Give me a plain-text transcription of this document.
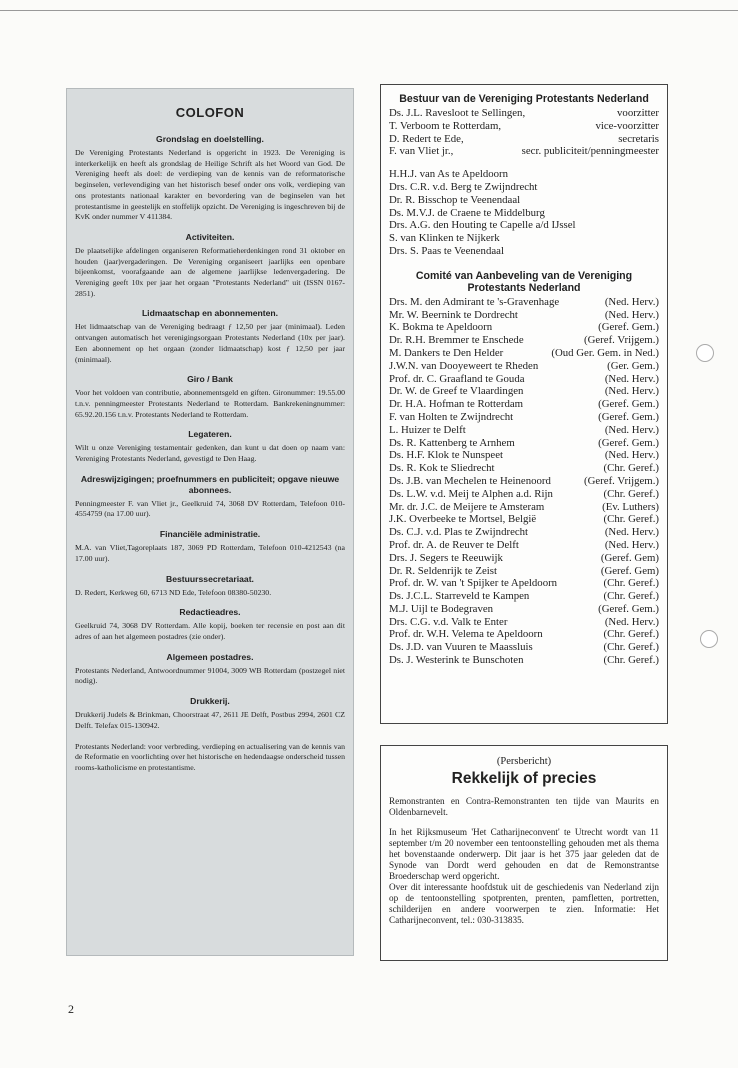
COLOFON
Grondslag en doelstelling.

De Vereniging Protestants Nederland is opgericht in 1923. De Vereniging is interkerkelijk en heeft als grondslag de Heilige Schrift als het Woord van God. De Vereniging heeft als doel: de verdieping van de kennis van de reformatorische beginselen, verlevendiging van het historisch besef onder ons volk, verdieping van ons protestants nationaal karakter en bevordering van de beginselen van het protestantisme in geestelijk en stoffelijk opzicht. De Vereniging is ingeschreven bij de KvK onder nummer V 411384.

Activiteiten.

De plaatselijke afdelingen organiseren Reformatieherdenkingen rond 31 oktober en houden (jaar)vergaderingen. De Vereniging organiseert jaarlijks een openbare bijeenkomst, voorafgaande aan de algemene jaarlijkse ledenvergadering. De Vereniging geeft 10x per jaar het orgaan "Protestants Nederland" uit (ISSN 0167-2851).

Lidmaatschap en abonnementen.

Het lidmaatschap van de Vereniging bedraagt ƒ 12,50 per jaar (minimaal). Leden ontvangen automatisch het verenigingsorgaan Protestants Nederland (10x per jaar). Een abonnement op het orgaan (zonder lidmaatschap) kost ƒ 12,50 per jaar (minimaal).

Giro / Bank

Voor het voldoen van contributie, abonnementsgeld en giften. Gironummer: 19.55.00 t.n.v. penningmeester Protestants Nederland te Rotterdam. Bankrekeningnummer: 65.92.20.156 t.n.v. Protestants Nederland te Rotterdam.

Legateren.

Wilt u onze Vereniging testamentair gedenken, dan kunt u dat doen op naam van: Vereniging Protestants Nederland, gevestigd te Den Haag.

Adreswijzigingen; proefnummers en publiciteit; opgave nieuwe abonnees.

Penningmeester F. van Vliet jr., Geelkruid 74, 3068 DV Rotterdam, Telefoon 010-4554759 (na 17.00 uur).

Financiële administratie.

M.A. van Vliet,Tagoreplaats 187, 3069 PD Rotterdam, Telefoon 010-4212543 (na 17.00 uur).

Bestuurssecretariaat.

D. Redert, Kerkweg 60, 6713 ND Ede, Telefoon 08380-50230.

Redactieadres.

Geelkruid 74, 3068 DV Rotterdam. Alle kopij, boeken ter recensie en post aan dit adres of aan het algemeen postadres (zie onder).

Algemeen postadres.

Protestants Nederland, Antwoordnummer 91004, 3009 WB Rotterdam (postzegel niet nodig).

Drukkerij.

Drukkerij Judels & Brinkman, Choorstraat 47, 2611 JE Delft, Postbus 2994, 2601 CZ Delft. Telefax 015-130942.

Protestants Nederland: voor verbreding, verdieping en actualisering van de kennis van de Reformatie en voorlichting over het historische en hedendaagse onderscheid tussen rooms-katholicisme en protestantisme.

Bestuur van de Vereniging Protestants Nederland
Ds. J.L. Ravesloot te Sellingen,	voorzitter
T. Verboom te Rotterdam,	vice-voorzitter
D. Redert te Ede,	secretaris
F. van Vliet jr.,	secr. publiciteit/penningmeester
H.H.J. van As te Apeldoorn
Drs. C.R. v.d. Berg te Zwijndrecht
Dr. R. Bisschop te Veenendaal
Ds. M.V.J. de Craene te Middelburg
Drs. A.G. den Houting te Capelle a/d IJssel
S. van Klinken te Nijkerk
Drs. S. Paas te Veenendaal
Comité van Aanbeveling van de Vereniging Protestants Nederland
Drs. M. den Admirant te 's-Gravenhage	(Ned. Herv.)
Mr. W. Beernink te Dordrecht	(Ned. Herv.)
K. Bokma te Apeldoorn	(Geref. Gem.)
Dr. R.H. Bremmer te Enschede	(Geref. Vrijgem.)
M. Dankers te Den Helder	(Oud Ger. Gem. in Ned.)
J.W.N. van Dooyeweert te Rheden	(Ger. Gem.)
Prof. dr. C. Graafland te Gouda	(Ned. Herv.)
Dr. W. de Greef te Vlaardingen	(Ned. Herv.)
Dr. H.A. Hofman te Rotterdam	(Geref. Gem.)
F. van Holten te Zwijndrecht	(Geref. Gem.)
L. Huizer te Delft	(Ned. Herv.)
Ds. R. Kattenberg te Arnhem	(Geref. Gem.)
Ds. H.F. Klok te Nunspeet	(Ned. Herv.)
Ds. R. Kok te Sliedrecht	(Chr. Geref.)
Ds. J.B. van Mechelen te Heinenoord	(Geref. Vrijgem.)
Ds. L.W. v.d. Meij te Alphen a.d. Rijn	(Chr. Geref.)
Mr. dr. J.C. de Meijere te Amsteram	(Ev. Luthers)
J.K. Overbeeke te Mortsel, België	(Chr. Geref.)
Ds. C.J. v.d. Plas te Zwijndrecht	(Ned. Herv.)
Prof. dr. A. de Reuver te Delft	(Ned. Herv.)
Drs. J. Segers te Reeuwijk	(Geref. Gem)
Dr. R. Seldenrijk te Zeist	(Geref. Gem)
Prof. dr. W. van 't Spijker te Apeldoorn	(Chr. Geref.)
Ds. J.C.L. Starreveld te Kampen	(Chr. Geref.)
M.J. Uijl te Bodegraven	(Geref. Gem.)
Drs. C.G. v.d. Valk te Enter	(Ned. Herv.)
Prof. dr. W.H. Velema te Apeldoorn	(Chr. Geref.)
Ds. J.D. van Vuuren te Maassluis	(Chr. Geref.)
Ds. J. Westerink te Bunschoten	(Chr. Geref.)
(Persbericht)
Rekkelijk of precies

Remonstranten en Contra-Remonstranten ten tijde van Maurits en Oldenbarnevelt.

In het Rijksmuseum 'Het Catharijneconvent' te Utrecht wordt van 11 september t/m 20 november een tentoonstelling gehouden met als thema het bovenstaande onderwerp. Dit jaar is het 375 jaar geleden dat de Synode van Dordt werd gehouden en dat de Remonstrantse Broederschap werd opgericht.

Over dit interessante hoofdstuk uit de geschiedenis van Nederland zijn op de tentoonstelling spotprenten, prenten, pamfletten, portretten, schilderijen en andere voorwerpen te zien. Informatie: Het Catharijneconvent, tel.: 030-313835.

2
